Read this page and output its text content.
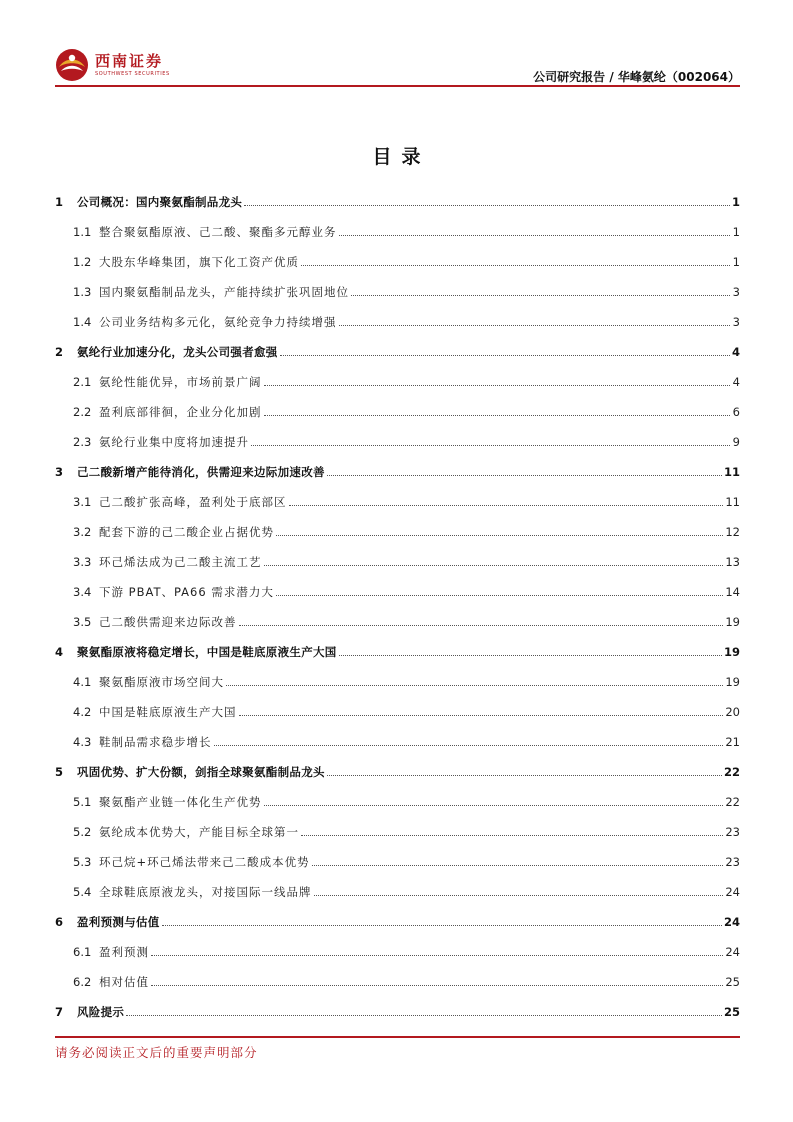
西南证券
SOUTHWEST SECURITIES	公司研究报告 / 华峰氨纶（002064）
目录
1	公司概况：国内聚氨酯制品龙头	1
1.1 整合聚氨酯原液、己二酸、聚酯多元醇业务	1
1.2 大股东华峰集团，旗下化工资产优质	1
1.3 国内聚氨酯制品龙头，产能持续扩张巩固地位	3
1.4 公司业务结构多元化，氨纶竞争力持续增强	3
2	氨纶行业加速分化，龙头公司强者愈强	4
2.1 氨纶性能优异，市场前景广阔	4
2.2 盈利底部徘徊，企业分化加剧	6
2.3 氨纶行业集中度将加速提升	9
3	己二酸新增产能待消化，供需迎来边际加速改善	11
3.1 己二酸扩张高峰，盈利处于底部区	11
3.2 配套下游的己二酸企业占据优势	12
3.3 环己烯法成为己二酸主流工艺	13
3.4 下游 PBAT、PA66 需求潜力大	14
3.5 己二酸供需迎来边际改善	19
4	聚氨酯原液将稳定增长，中国是鞋底原液生产大国	19
4.1 聚氨酯原液市场空间大	19
4.2 中国是鞋底原液生产大国	20
4.3 鞋制品需求稳步增长	21
5	巩固优势、扩大份额，剑指全球聚氨酯制品龙头	22
5.1 聚氨酯产业链一体化生产优势	22
5.2 氨纶成本优势大，产能目标全球第一	23
5.3 环己烷+环己烯法带来己二酸成本优势	23
5.4 全球鞋底原液龙头，对接国际一线品牌	24
6	盈利预测与估值	24
6.1 盈利预测	24
6.2 相对估值	25
7	风险提示	25
请务必阅读正文后的重要声明部分
